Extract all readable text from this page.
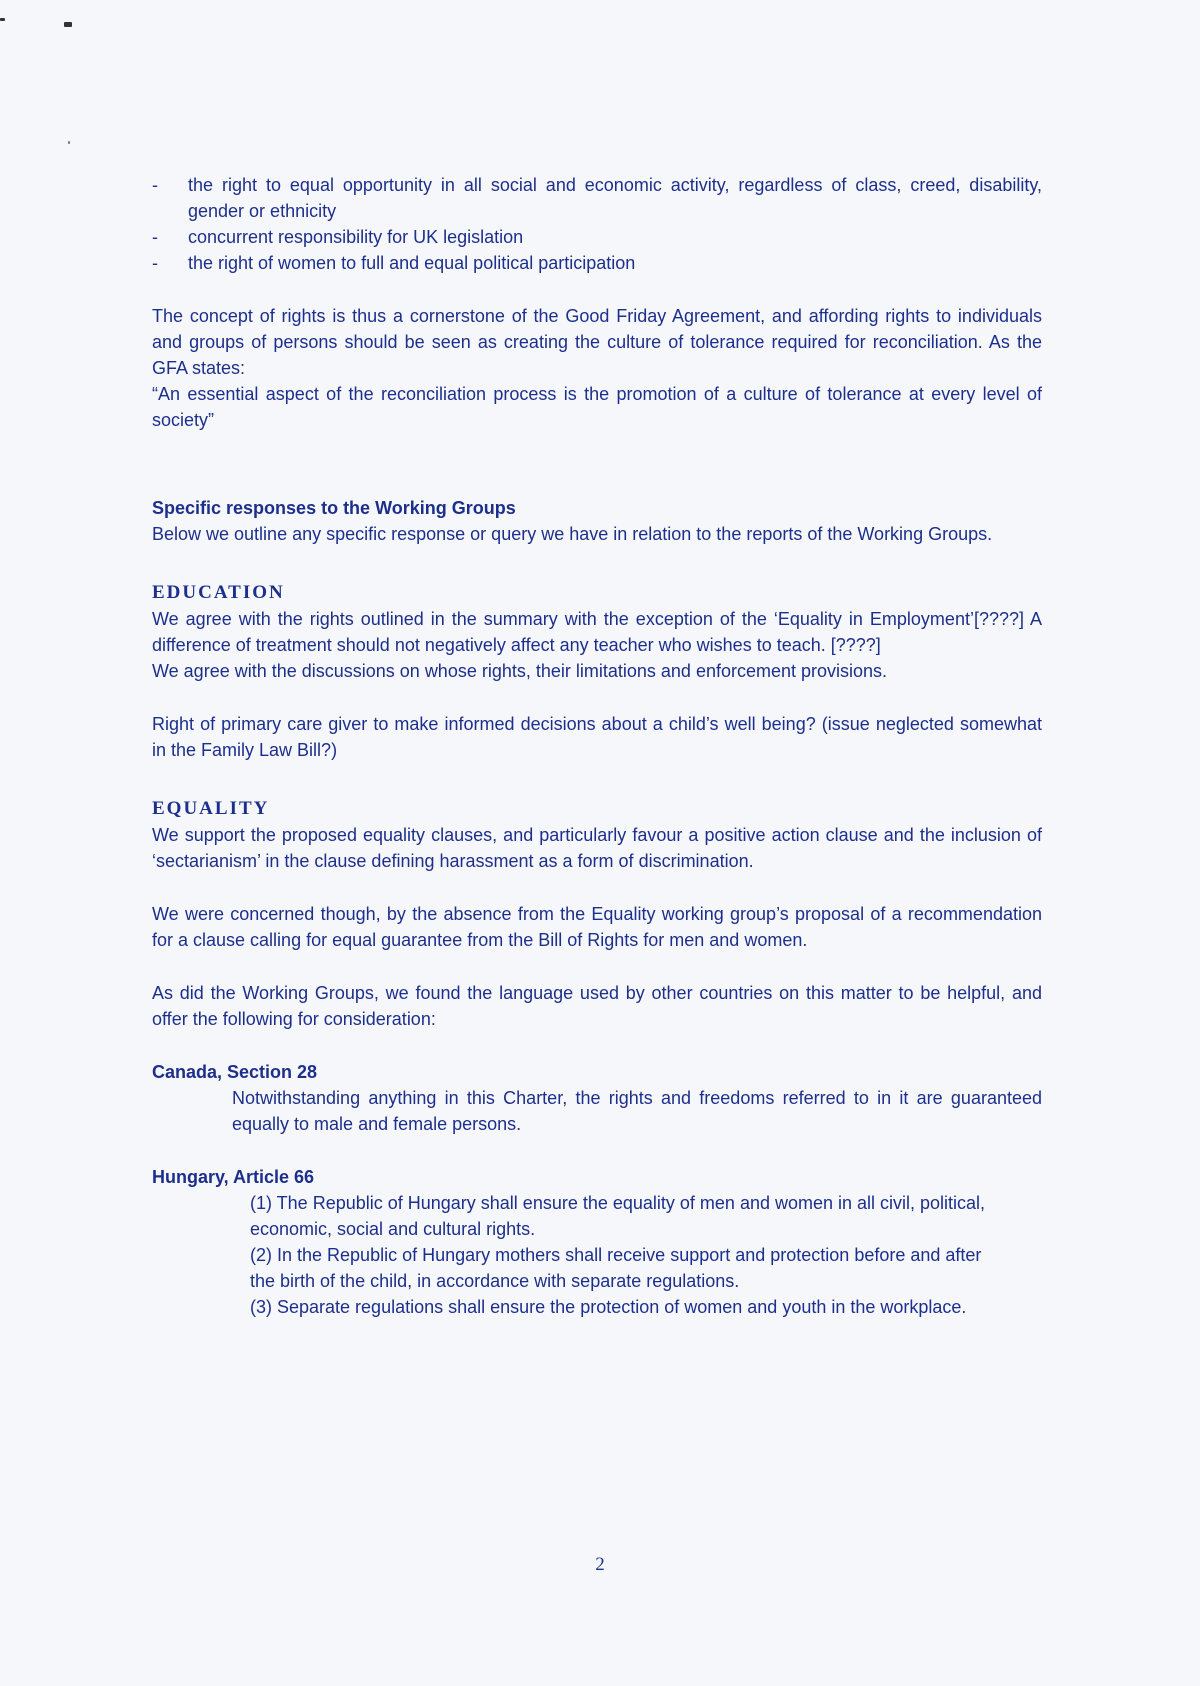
- the right to equal opportunity in all social and economic activity, regardless of class, creed, disability, gender or ethnicity
- concurrent responsibility for UK legislation
- the right of women to full and equal political participation

The concept of rights is thus a cornerstone of the Good Friday Agreement, and affording rights to individuals and groups of persons should be seen as creating the culture of tolerance required for reconciliation. As the GFA states:

“An essential aspect of the reconciliation process is the promotion of a culture of tolerance at every level of society”

Specific responses to the Working Groups

Below we outline any specific response or query we have in relation to the reports of the Working Groups.

EDUCATION

We agree with the rights outlined in the summary with the exception of the ‘Equality in Employment’[????] A difference of treatment should not negatively affect any teacher who wishes to teach. [????]

We agree with the discussions on whose rights, their limitations and enforcement provisions.

Right of primary care giver to make informed decisions about a child’s well being? (issue neglected somewhat in the Family Law Bill?)

EQUALITY

We support the proposed equality clauses, and particularly favour a positive action clause and the inclusion of ‘sectarianism’ in the clause defining harassment as a form of discrimination.

We were concerned though, by the absence from the Equality working group’s proposal of a recommendation for a clause calling for equal guarantee from the Bill of Rights for men and women.

As did the Working Groups, we found the language used by other countries on this matter to be helpful, and offer the following for consideration:

Canada, Section 28

Notwithstanding anything in this Charter, the rights and freedoms referred to in it are guaranteed equally to male and female persons.

Hungary, Article 66

(1) The Republic of Hungary shall ensure the equality of men and women in all civil, political, economic, social and cultural rights.

(2) In the Republic of Hungary mothers shall receive support and protection before and after the birth of the child, in accordance with separate regulations.

(3) Separate regulations shall ensure the protection of women and youth in the workplace.

2
